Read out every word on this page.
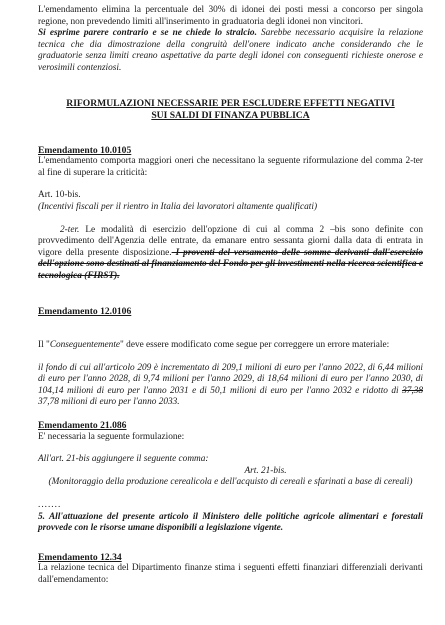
L'emendamento elimina la percentuale del 30% di idonei dei posti messi a concorso per singola regione, non prevedendo limiti all'inserimento in graduatoria degli idonei non vincitori.

Si esprime parere contrario e se ne chiede lo stralcio. Sarebbe necessario acquisire la relazione tecnica che dia dimostrazione della congruità dell'onere indicato anche considerando che le graduatorie senza limiti creano aspettative da parte degli idonei con conseguenti richieste onerose e verosimili contenziosi.

RIFORMULAZIONI NECESSARIE PER ESCLUDERE EFFETTI NEGATIVI

SUI SALDI DI FINANZA PUBBLICA

Emendamento 10.0105

L'emendamento comporta maggiori oneri che necessitano la seguente riformulazione del comma 2-ter al fine di superare la criticità:

Art. 10-bis.

(Incentivi fiscali per il rientro in Italia dei lavoratori altamente qualificati)

2-ter. Le modalità di esercizio dell'opzione di cui al comma 2 –bis sono definite con provvedimento dell'Agenzia delle entrate, da emanare entro sessanta giorni dalla data di entrata in vigore della presente disposizione. I proventi del versamento delle somme derivanti dall'esercizio dell'opzione sono destinati al finanziamento del Fondo per gli investimenti nella ricerca scientifica e tecnologica (FIRST).

Emendamento 12.0106

Il "Conseguentemente" deve essere modificato come segue per correggere un errore materiale:

il fondo di cui all'articolo 209 è incrementato di 209,1 milioni di euro per l'anno 2022, di 6,44 milioni di euro per l'anno 2028, di 9,74 milioni per l'anno 2029, di 18,64 milioni di euro per l'anno 2030, di 104,14 milioni di euro per l'anno 2031 e di 50,1 milioni di euro per l'anno 2032 e ridotto di 37,38 37,78 milioni di euro per l'anno 2033.

Emendamento 21.086

E' necessaria la seguente formulazione:

All'art. 21-bis aggiungere il seguente comma:

Art. 21-bis.

(Monitoraggio della produzione cerealicola e dell'acquisto di cereali e sfarinati a base di cereali)

.......

5. All'attuazione del presente articolo il Ministero delle politiche agricole alimentari e forestali provvede con le risorse umane disponibili a legislazione vigente.

Emendamento 12.34

La relazione tecnica del Dipartimento finanze stima i seguenti effetti finanziari differenziali derivanti dall'emendamento:
